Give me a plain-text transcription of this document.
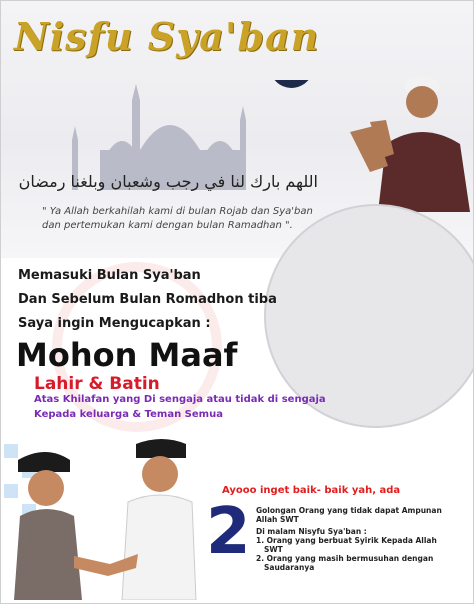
Nisfu Sya'ban
اللهم بارك لنا في رجب وشعبان وبلغنا رمضان
" Ya Allah berkahilah kami di bulan Rojab dan Sya'ban dan pertemukan kami dengan bulan Ramadhan ".
Memasuki Bulan Sya'ban
Dan Sebelum Bulan Romadhon tiba
Saya ingin Mengucapkan :
Mohon Maaf
Lahir & Batin
Atas Khilafan yang Di sengaja atau tidak di sengaja
Kepada keluarga & Teman Semua
Ayooo inget baik- baik yah, ada
2 Golongan Orang yang tidak dapat Ampunan Allah SWT
Di malam Nisyfu Sya'ban :
1. Orang yang berbuat Syirik Kepada Allah SWT
2. Orang yang masih bermusuhan dengan Saudaranya
